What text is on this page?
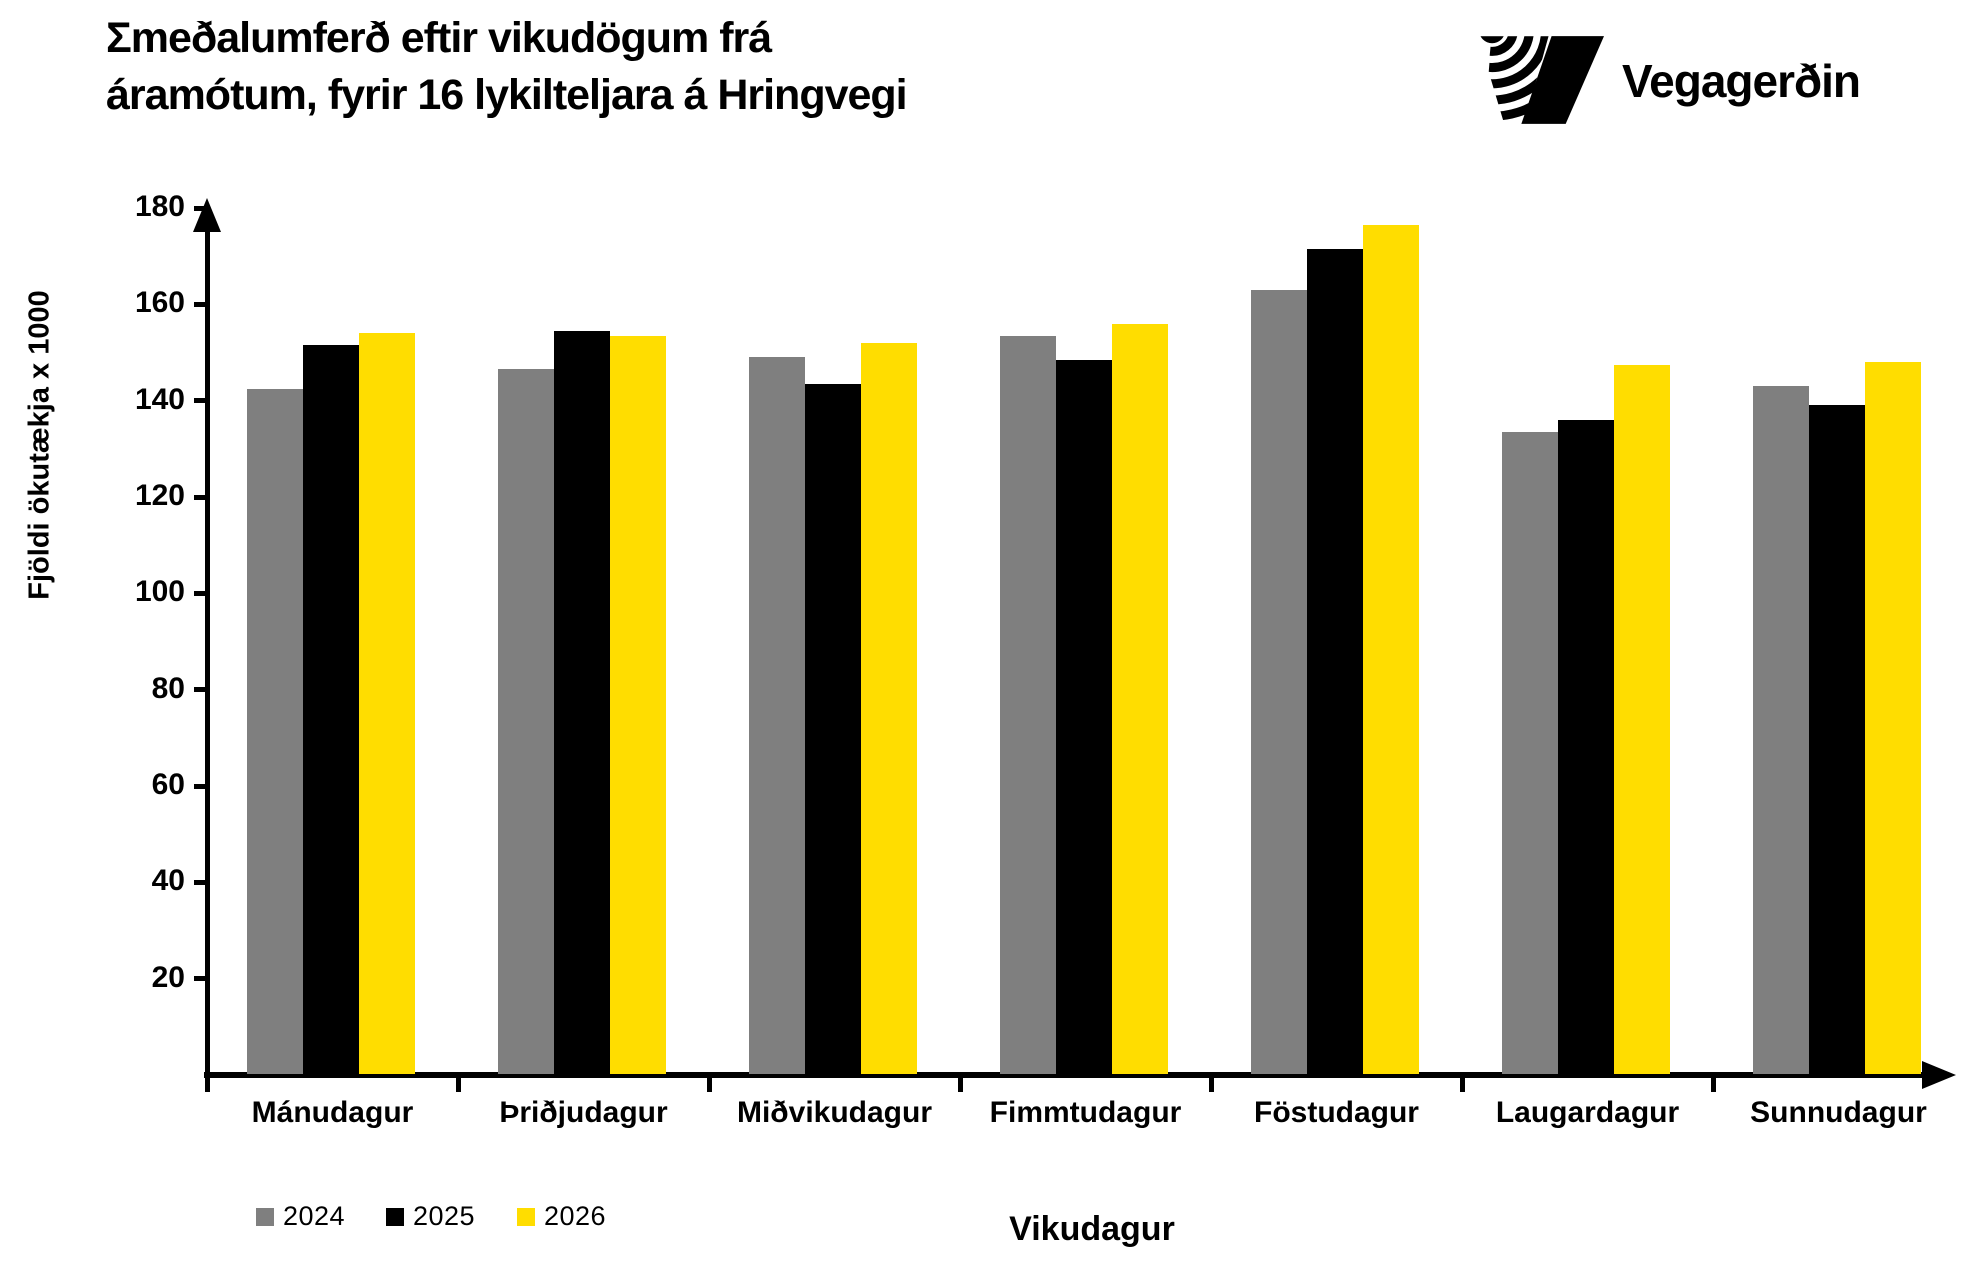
Σmeðalumferð eftir vikudögum frá
áramótum, fyrir 16 lykilteljara á Hringvegi	Vegagerðin
Fjöldi ökutækja x 1000
20
40
60
80
100
120
140
160
180
Mánudagur	Þriðjudagur	Miðvikudagur	Fimmtudagur	Föstudagur	Laugardagur	Sunnudagur
Vikudagur
2024	2025	2026
